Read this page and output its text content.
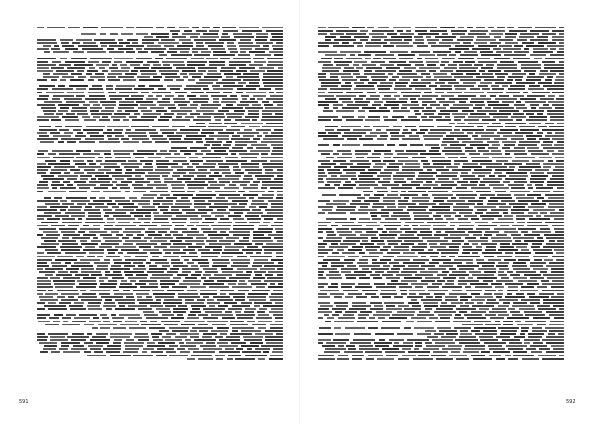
591	592
